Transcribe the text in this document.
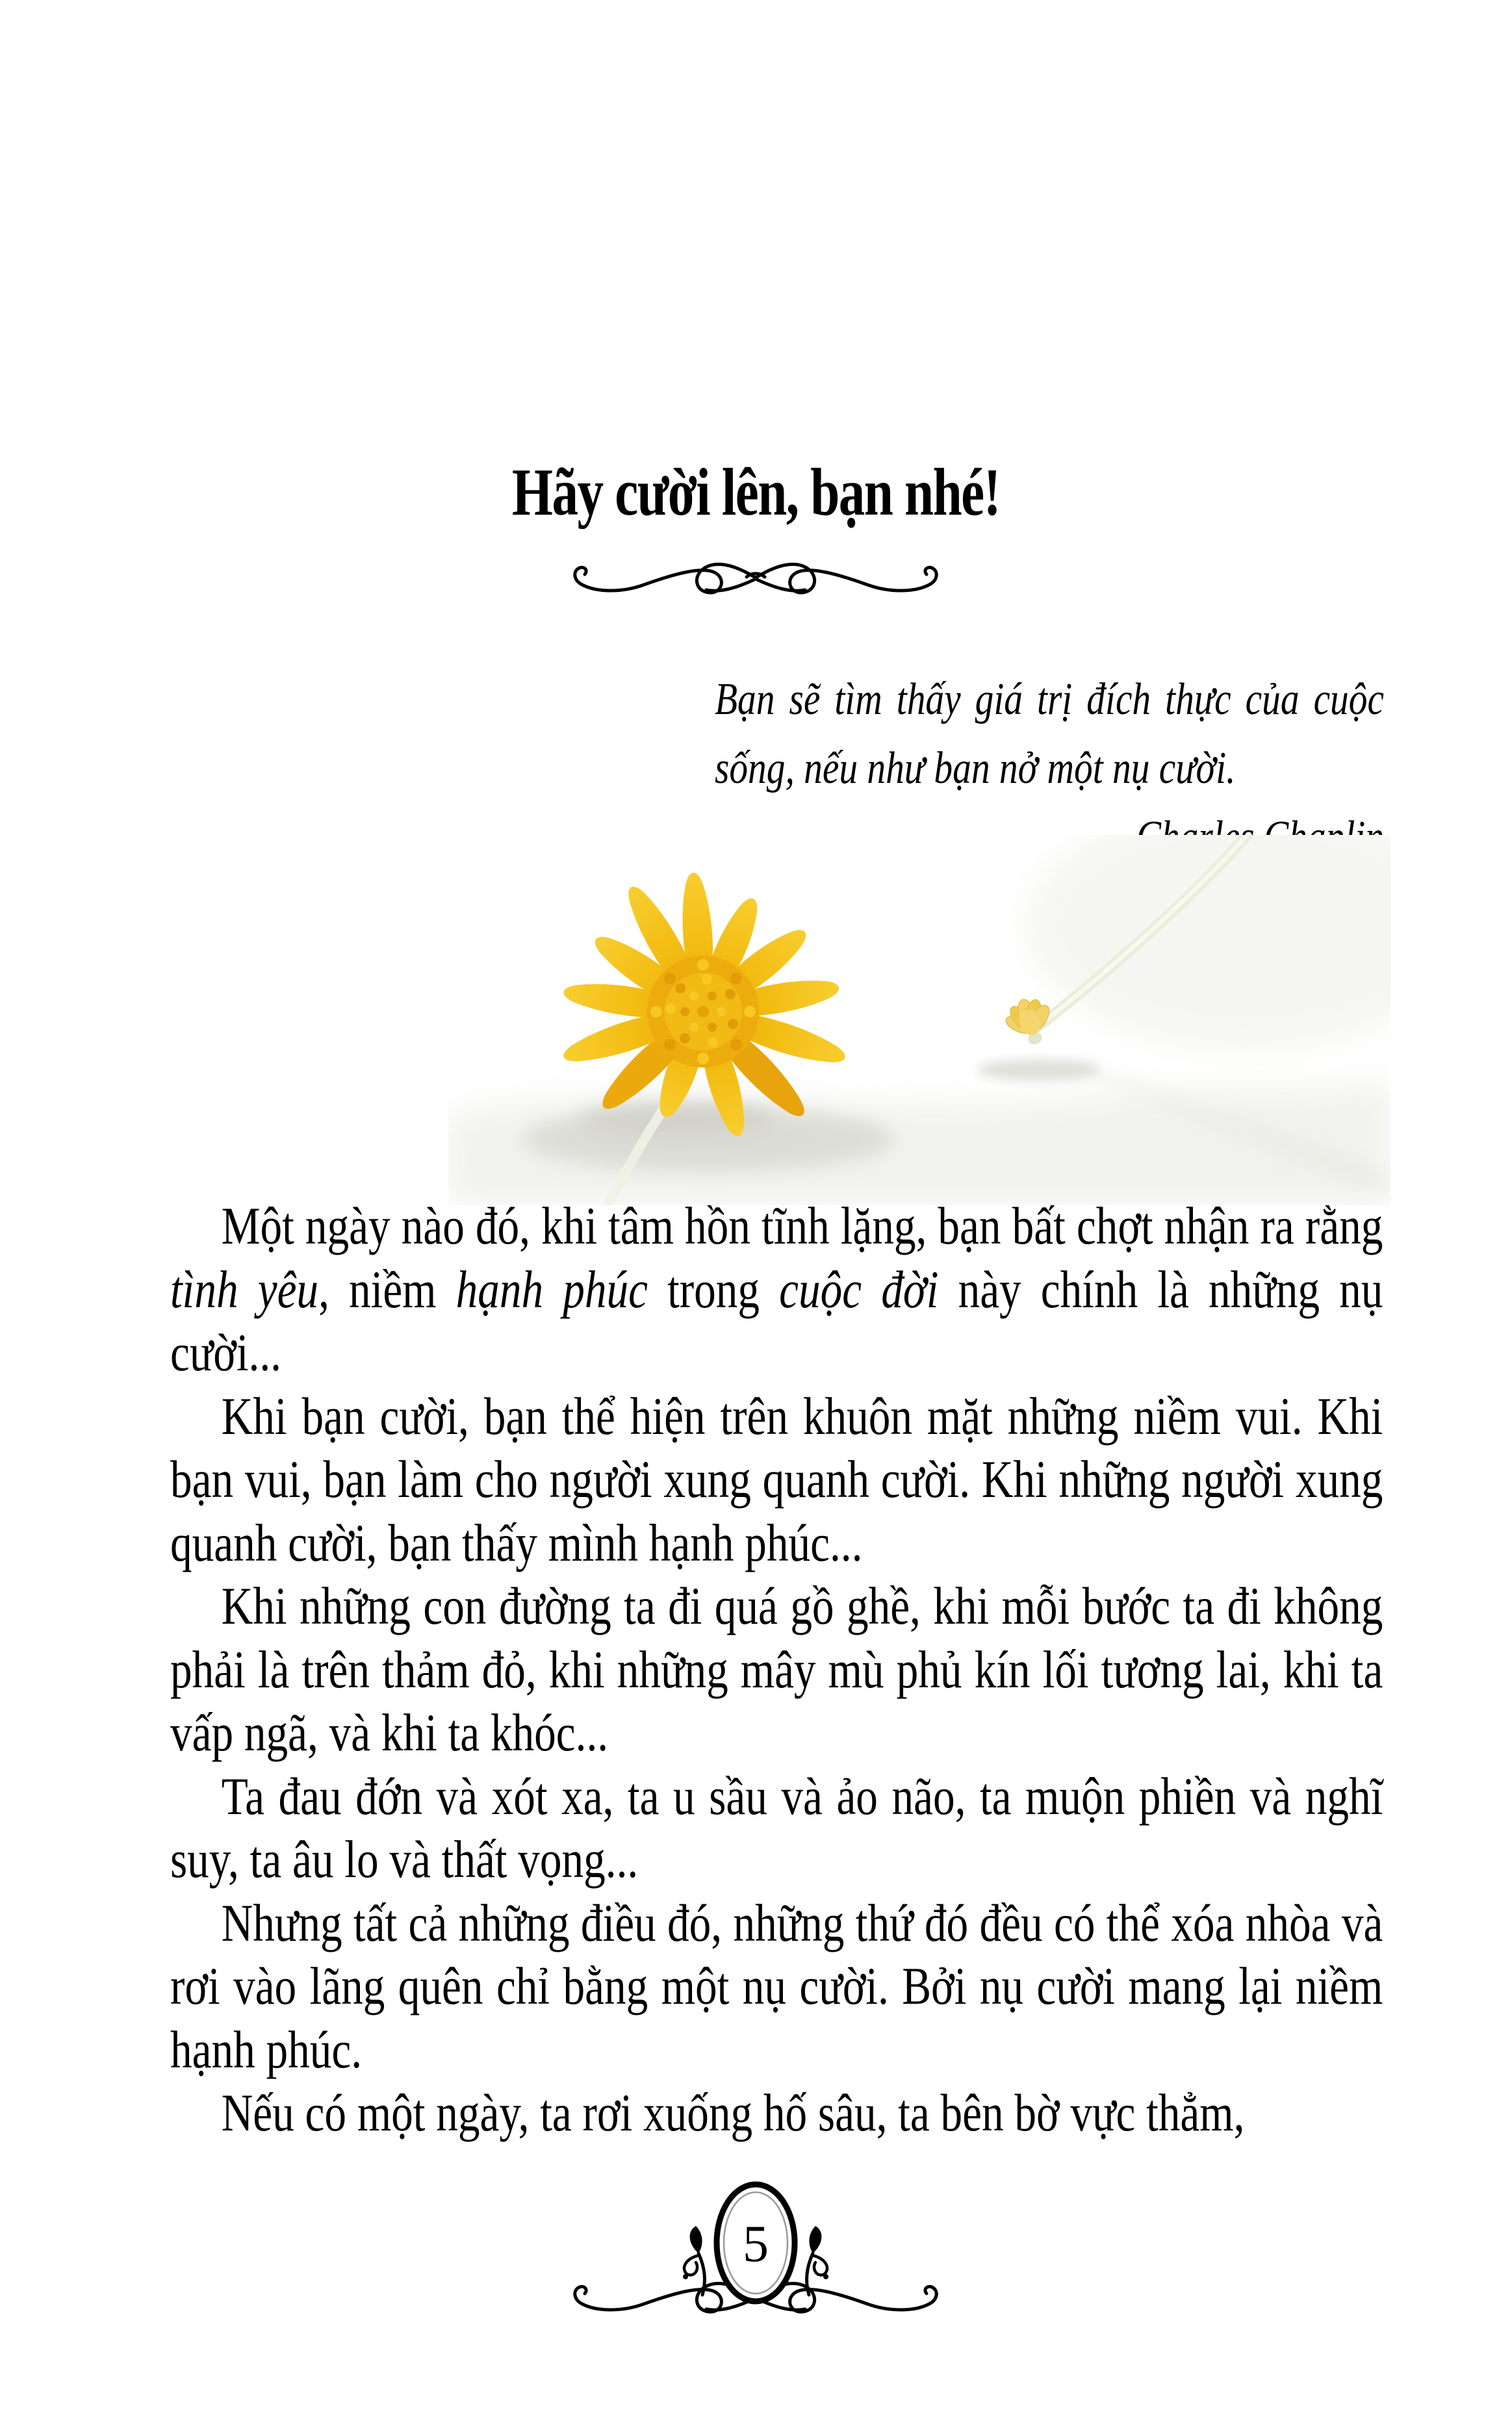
Hãy cười lên, bạn nhé!

Bạn sẽ tìm thấy giá trị đích thực của cuộc sống, nếu như bạn nở một nụ cười.

Một ngày nào đó, khi tâm hồn tĩnh lặng, bạn bất chợt nhận ra rằng tình yêu, niềm hạnh phúc trong cuộc đời này chính là những nụ cười...

Khi bạn cười, bạn thể hiện trên khuôn mặt những niềm vui. Khi bạn vui, bạn làm cho người xung quanh cười. Khi những người xung quanh cười, bạn thấy mình hạnh phúc...

Khi những con đường ta đi quá gồ ghề, khi mỗi bước ta đi không phải là trên thảm đỏ, khi những mây mù phủ kín lối tương lai, khi ta vấp ngã, và khi ta khóc...

Ta đau đớn và xót xa, ta u sầu và ảo não, ta muộn phiền và nghĩ suy, ta âu lo và thất vọng...

Nhưng tất cả những điều đó, những thứ đó đều có thể xóa nhòa và rơi vào lãng quên chỉ bằng một nụ cười. Bởi nụ cười mang lại niềm hạnh phúc.

Nếu có một ngày, ta rơi xuống hố sâu, ta bên bờ vực thẳm,

5
